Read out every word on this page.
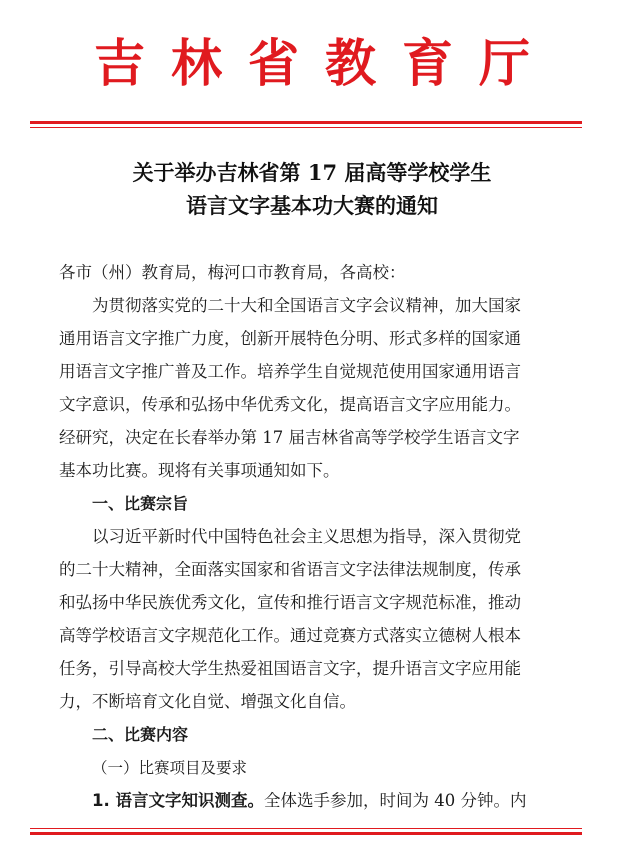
吉林省教育厅
关于举办吉林省第 17 届高等学校学生
语言文字基本功大赛的通知
各市（州）教育局，梅河口市教育局，各高校：
为贯彻落实党的二十大和全国语言文字会议精神，加大国家
通用语言文字推广力度，创新开展特色分明、形式多样的国家通
用语言文字推广普及工作。培养学生自觉规范使用国家通用语言
文字意识，传承和弘扬中华优秀文化，提高语言文字应用能力。
经研究，决定在长春举办第 17 届吉林省高等学校学生语言文字
基本功比赛。现将有关事项通知如下。
一、比赛宗旨
以习近平新时代中国特色社会主义思想为指导，深入贯彻党
的二十大精神，全面落实国家和省语言文字法律法规制度，传承
和弘扬中华民族优秀文化，宣传和推行语言文字规范标准，推动
高等学校语言文字规范化工作。通过竞赛方式落实立德树人根本
任务，引导高校大学生热爱祖国语言文字，提升语言文字应用能
力，不断培育文化自觉、增强文化自信。
二、比赛内容
（一）比赛项目及要求
1. 语言文字知识测查。全体选手参加，时间为 40 分钟。内
